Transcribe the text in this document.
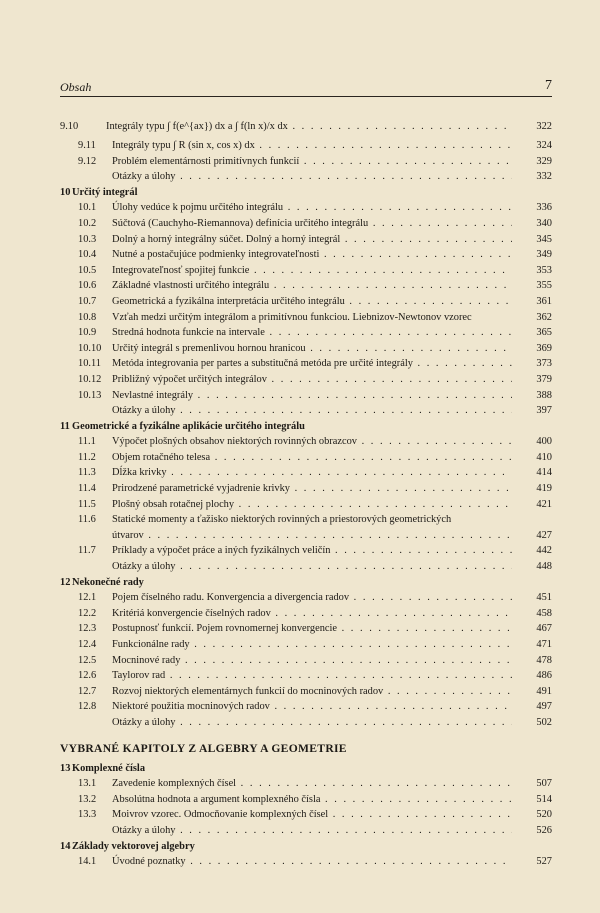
Obsah	7
9.10	Integrály typu ∫ f(e^{ax}) dx a ∫ f(ln x)/x dx . . .	322
9.11 Integrály typu ∫ R (sin x, cos x) dx . . .	324
9.12 Problém elementárnosti primitívnych funkcií . . .	329
Otázky a úlohy . . .	332
10 Určitý integrál
10.1 Úlohy vedúce k pojmu určitého integrálu . . .	336
10.2 Súčtová (Cauchyho-Riemannova) definícia určitého integrálu . . .	340
10.3 Dolný a horný integrálny súčet. Dolný a horný integrál . . .	345
10.4 Nutné a postačujúce podmienky integrovateľnosti . . .	349
10.5 Integrovateľnosť spojitej funkcie . . .	353
10.6 Základné vlastnosti určitého integrálu . . .	355
10.7 Geometrická a fyzikálna interpretácia určitého integrálu . . .	361
10.8 Vzťah medzi určitým integrálom a primitívnou funkciou. Liebnizov-Newtonov vzorec	362
10.9 Stredná hodnota funkcie na intervale . . .	365
10.10 Určitý integrál s premenlivou hornou hranicou . . .	369
10.11 Metóda integrovania per partes a substitučná metóda pre určité integrály . . .	373
10.12 Približný výpočet určitých integrálov . . .	379
10.13 Nevlastné integrály . . .	388
Otázky a úlohy . . .	397
11 Geometrické a fyzikálne aplikácie určitého integrálu
11.1 Výpočet plošných obsahov niektorých rovinných obrazcov . . .	400
11.2 Objem rotačného telesa . . .	410
11.3 Dĺžka krivky . . .	414
11.4 Prirodzené parametrické vyjadrenie krivky . . .	419
11.5 Plošný obsah rotačnej plochy . . .	421
11.6 Statické momenty a ťažisko niektorých rovinných a priestorových geometrických
útvarov . . .	427
11.7 Príklady a výpočet práce a iných fyzikálnych veličín . . .	442
Otázky a úlohy . . .	448
12 Nekonečné rady
12.1 Pojem číselného radu. Konvergencia a divergencia radov . . .	451
12.2 Kritériá konvergencie číselných radov . . .	458
12.3 Postupnosť funkcií. Pojem rovnomernej konvergencie . . .	467
12.4 Funkcionálne rady . . .	471
12.5 Mocninové rady . . .	478
12.6 Taylorov rad . . .	486
12.7 Rozvoj niektorých elementárnych funkcií do mocninových radov . . .	491
12.8 Niektoré použitia mocninových radov . . .	497
Otázky a úlohy . . .	502
VYBRANÉ KAPITOLY Z ALGEBRY A GEOMETRIE
13 Komplexné čísla
13.1 Zavedenie komplexných čísel . . .	507
13.2 Absolútna hodnota a argument komplexného čísla . . .	514
13.3 Moivrov vzorec. Odmocňovanie komplexných čísel . . .	520
Otázky a úlohy . . .	526
14 Základy vektorovej algebry
14.1 Úvodné poznatky . . .	527
